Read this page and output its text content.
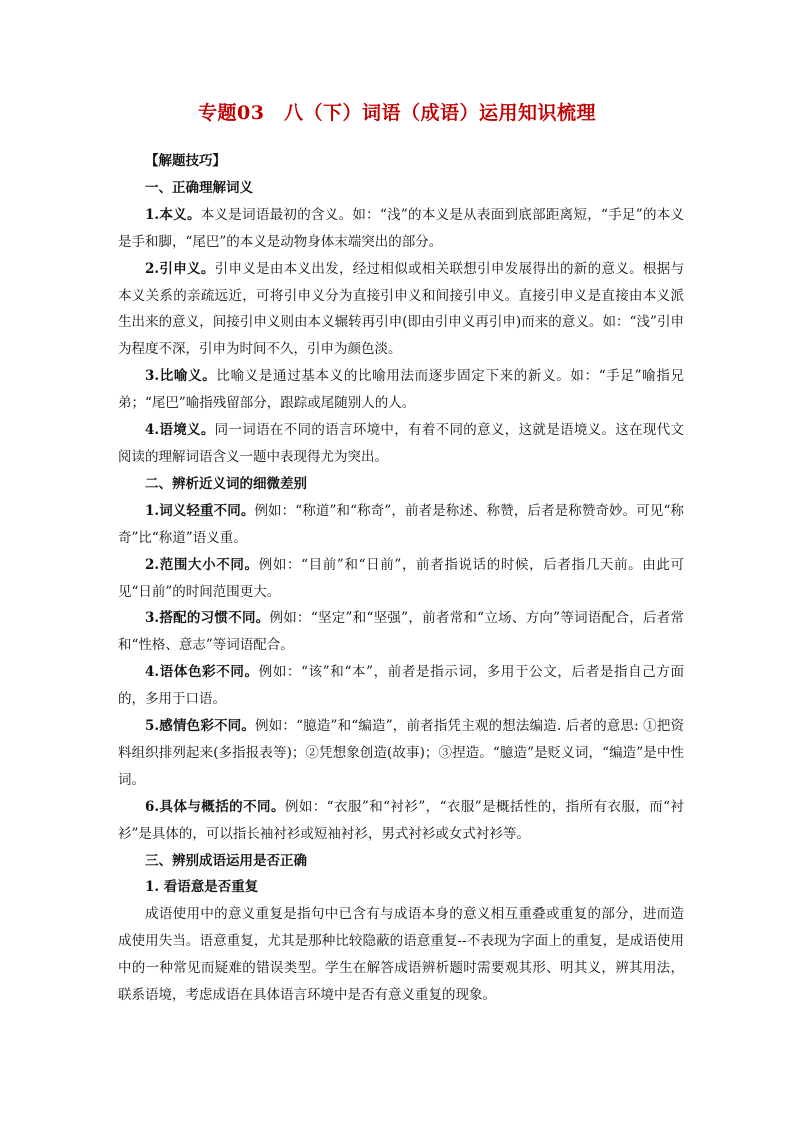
专题03　八（下）词语（成语）运用知识梳理

【解题技巧】

一、正确理解词义

1.本义。本义是词语最初的含义。如：“浅”的本义是从表面到底部距离短，“手足”的本义是手和脚，“尾巴”的本义是动物身体末端突出的部分。

2.引申义。引申义是由本义出发，经过相似或相关联想引申发展得出的新的意义。根据与本义关系的亲疏远近，可将引申义分为直接引申义和间接引申义。直接引申义是直接由本义派生出来的意义，间接引申义则由本义辗转再引申(即由引申义再引申)而来的意义。如：“浅”引申为程度不深，引申为时间不久，引申为颜色淡。

3.比喻义。比喻义是通过基本义的比喻用法而逐步固定下来的新义。如：“手足”喻指兄弟；“尾巴”喻指残留部分，跟踪或尾随别人的人。

4.语境义。同一词语在不同的语言环境中，有着不同的意义，这就是语境义。这在现代文阅读的理解词语含义一题中表现得尤为突出。

二、辨析近义词的细微差别

1.词义轻重不同。例如：“称道”和“称奇”，前者是称述、称赞，后者是称赞奇妙。可见“称奇”比“称道”语义重。

2.范围大小不同。例如：“目前”和“日前”，前者指说话的时候，后者指几天前。由此可见“日前”的时间范围更大。

3.搭配的习惯不同。例如：“坚定”和“坚强”，前者常和“立场、方向”等词语配合，后者常和“性格、意志”等词语配合。

4.语体色彩不同。例如：“该”和“本”，前者是指示词，多用于公文，后者是指自己方面的，多用于口语。

5.感情色彩不同。例如：“臆造”和“编造”，前者指凭主观的想法编造. 后者的意思: ①把资料组织排列起来(多指报表等)；②凭想象创造(故事)；③捏造。“臆造”是贬义词，“编造”是中性词。

6.具体与概括的不同。例如：“衣服”和“衬衫”，“衣服”是概括性的，指所有衣服，而“衬衫”是具体的，可以指长袖衬衫或短袖衬衫，男式衬衫或女式衬衫等。

三、辨别成语运用是否正确

1. 看语意是否重复

成语使用中的意义重复是指句中已含有与成语本身的意义相互重叠或重复的部分，进而造成使用失当。语意重复，尤其是那种比较隐蔽的语意重复--不表现为字面上的重复，是成语使用中的一种常见而疑难的错误类型。学生在解答成语辨析题时需要观其形、明其义，辨其用法，联系语境，考虑成语在具体语言环境中是否有意义重复的现象。
